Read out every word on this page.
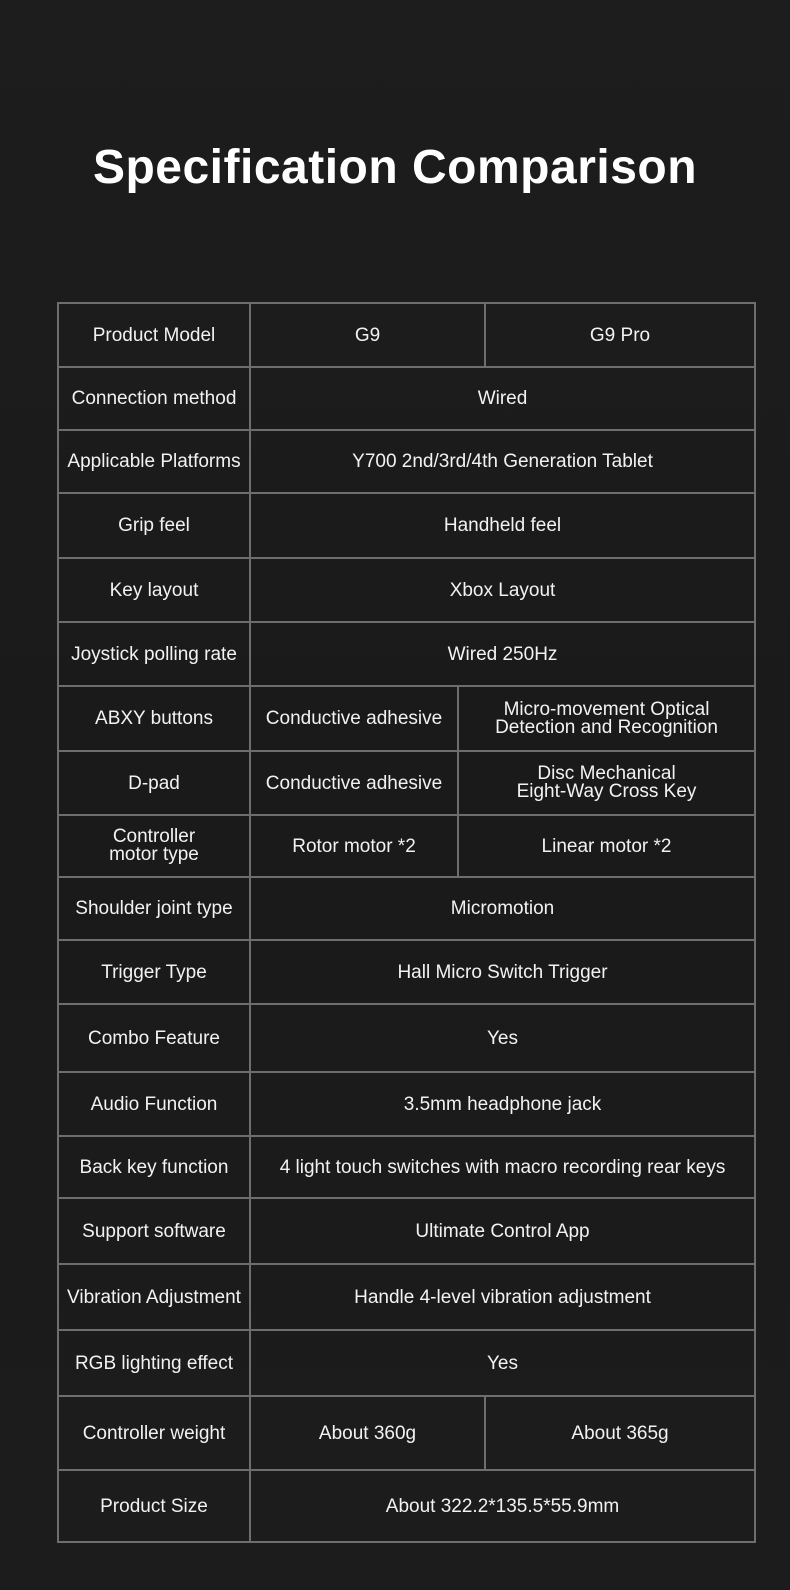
Specification Comparison
Product Model	G9		G9 Pro
Connection method	Wired		
Applicable Platforms	Y700 2nd/3rd/4th Generation Tablet		
Grip feel	Handheld feel		
Key layout	Xbox Layout		
Joystick polling rate	Wired 250Hz		
ABXY buttons	Conductive adhesive	Micro-movement Optical
Detection and Recognition	

D-pad	Conductive adhesive	Disc Mechanical
Eight-Way Cross Key	

Controller
motor type	Rotor motor *2	Linear motor *2	
Shoulder joint type	Micromotion		
Trigger Type	Hall Micro Switch Trigger		
Combo Feature	Yes		
Audio Function	3.5mm headphone jack		
Back key function	4 light touch switches with macro recording rear keys		
Support software	Ultimate Control App		
Vibration Adjustment	Handle 4-level vibration adjustment		
RGB lighting effect	Yes		
Controller weight	About 360g		About 365g
Product Size	About 322.2*135.5*55.9mm		
